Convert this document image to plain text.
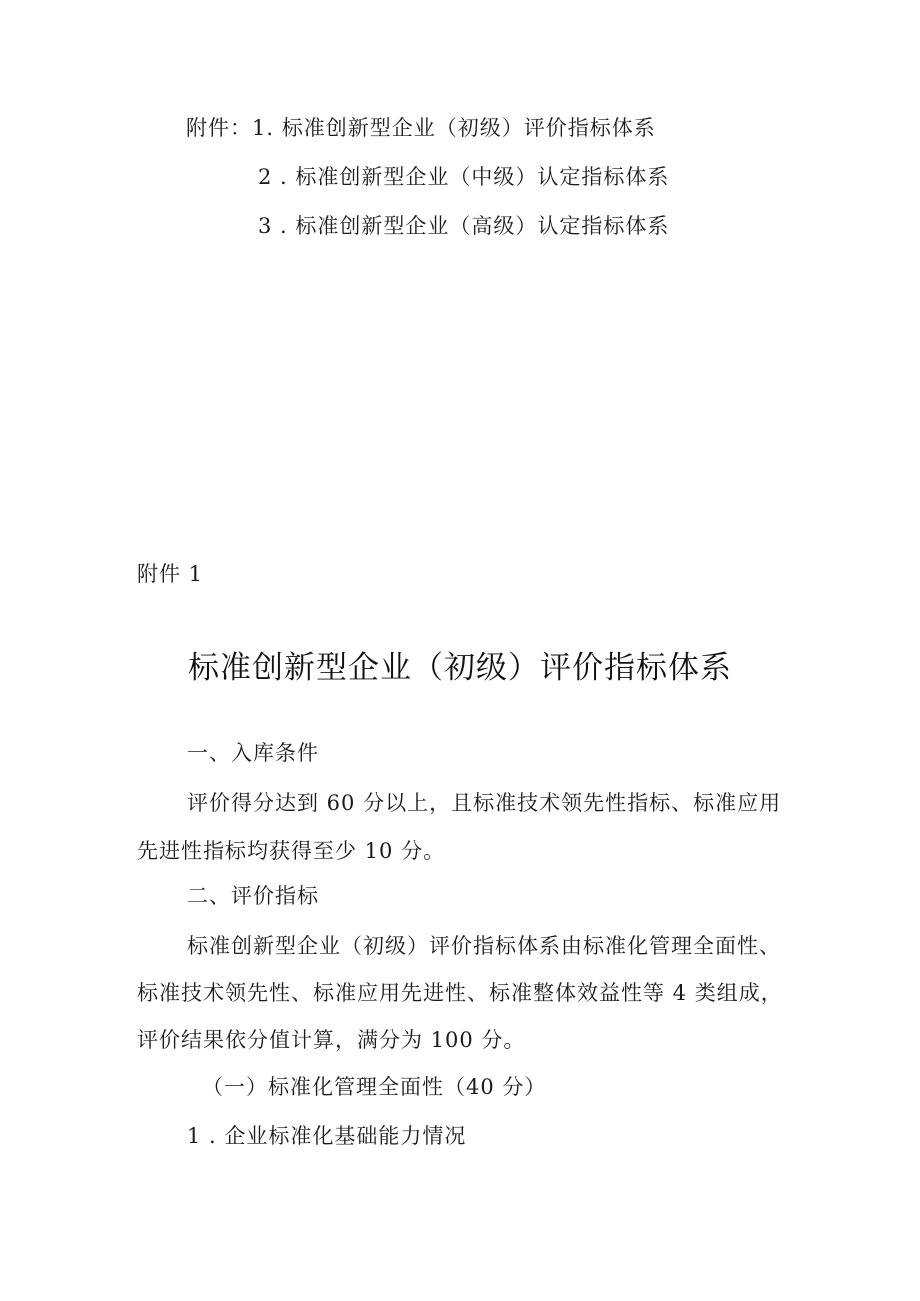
附件：1. 标准创新型企业（初级）评价指标体系
2 . 标准创新型企业（中级）认定指标体系
3 . 标准创新型企业（高级）认定指标体系
附件 1
标准创新型企业（初级）评价指标体系
一、入库条件
评价得分达到 60 分以上，且标准技术领先性指标、标准应用
先进性指标均获得至少 10 分。
二、评价指标
标准创新型企业（初级）评价指标体系由标准化管理全面性、
标准技术领先性、标准应用先进性、标准整体效益性等 4 类组成，
评价结果依分值计算，满分为 100 分。
（一）标准化管理全面性（40 分）
1 . 企业标准化基础能力情况
